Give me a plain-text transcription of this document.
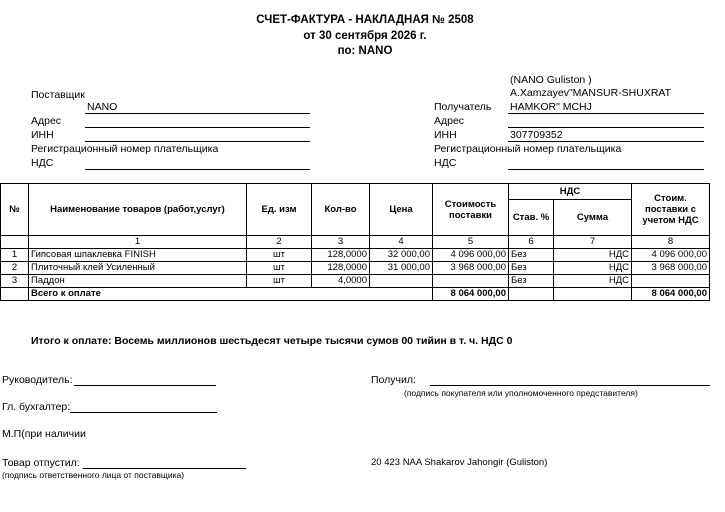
СЧЕТ-ФАКТУРА - НАКЛАДНАЯ № 2508
от 30 сентября 2026 г.
по: NANO
Поставщик
NANO
Адрес
ИНН
Регистрационный номер плательщика
НДС
(NANO Guliston )
A.Xamzayev"MANSUR-SHUXRAT
Получатель HAMKOR" MCHJ
Адрес
ИНН	307709352
Регистрационный номер плательщика
НДС
№	Наименование товаров (работ,услуг)	Ед. изм	Кол-во	Цена	Стоимость поставки	НДС		Стоим. поставки с учетом НДС
						Став. %	Сумма	
	1	2	3	4	5	6	7	8
1	Гипсовая шпаклевка FINISH	шт	128,0000	32 000,00	4 096 000,00	Без	НДС	4 096 000,00
2	Плиточный клей Усиленный	шт	128,0000	31 000,00	3 968 000,00	Без	НДС	3 968 000,00
3	Паддон	шт	4,0000			Без	НДС	
	Всего к оплате				8 064 000,00			8 064 000,00
Итого к оплате: Восемь миллионов шестьдесят четыре тысячи сумов 00 тийин в т. ч. НДС 0
Руководитель:
Гл. бухгалтер:
М.П(при наличии
Товар отпустил:
(подпись ответственного лица от поставщика)
Получил:
(подпись покупателя или уполномоченного представителя)
20 423 NAA Shakarov Jahongir (Guliston)
